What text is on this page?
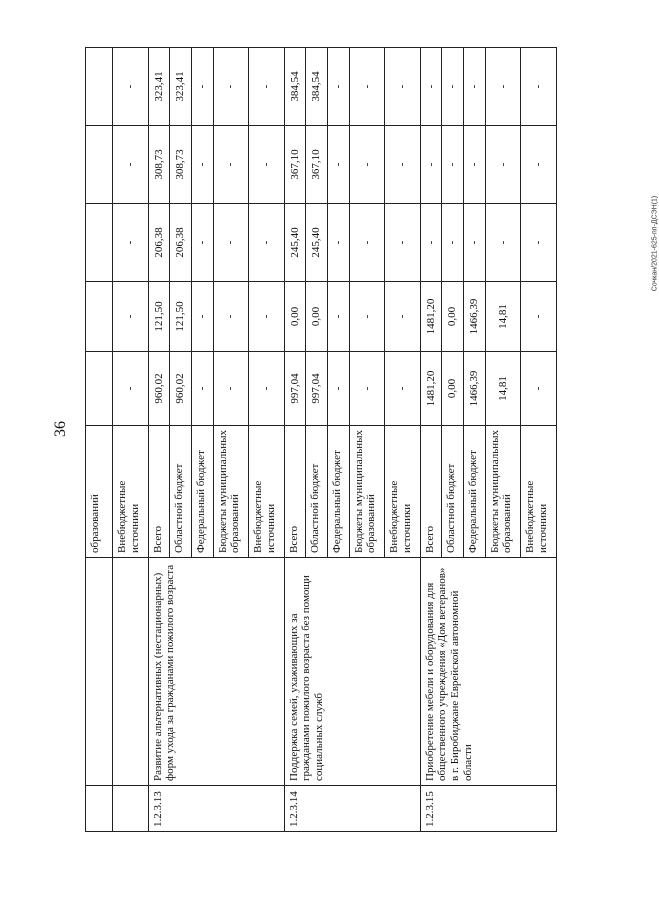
36
Сочкан/2021-625-пп-ДСЭН(1)
		образований					
		Внебюджетные источники	-	-	-	-	-
1.2.3.13	Развитие альтернативных (нестационарных) форм ухода за гражданами пожилого возраста	Всего	960,02	121,50	206,38	308,73	323,41
		Областной бюджет	960,02	121,50	206,38	308,73	323,41
		Федеральный бюджет	-	-	-	-	-
		Бюджеты муниципальных образований	-	-	-	-	-
		Внебюджетные источники	-	-	-	-	-
1.2.3.14	Поддержка семей, ухаживающих за гражданами пожилого возраста без помощи социальных служб	Всего	997,04	0,00	245,40	367,10	384,54
		Областной бюджет	997,04	0,00	245,40	367,10	384,54
		Федеральный бюджет	-	-	-	-	-
		Бюджеты муниципальных образований	-	-	-	-	-
		Внебюджетные источники	-	-	-	-	-
1.2.3.15	Приобретение мебели и оборудования для общественного учреждения «Дом ветеранов» в г. Биробиджане Еврейской автономной области	Всего	1481,20	1481,20	-	-	-
		Областной бюджет	0,00	0,00	-	-	-
		Федеральный бюджет	1466,39	1466,39	-	-	-
		Бюджеты муниципальных образований	14,81	14,81	-	-	-
		Внебюджетные источники	-	-	-	-	-
